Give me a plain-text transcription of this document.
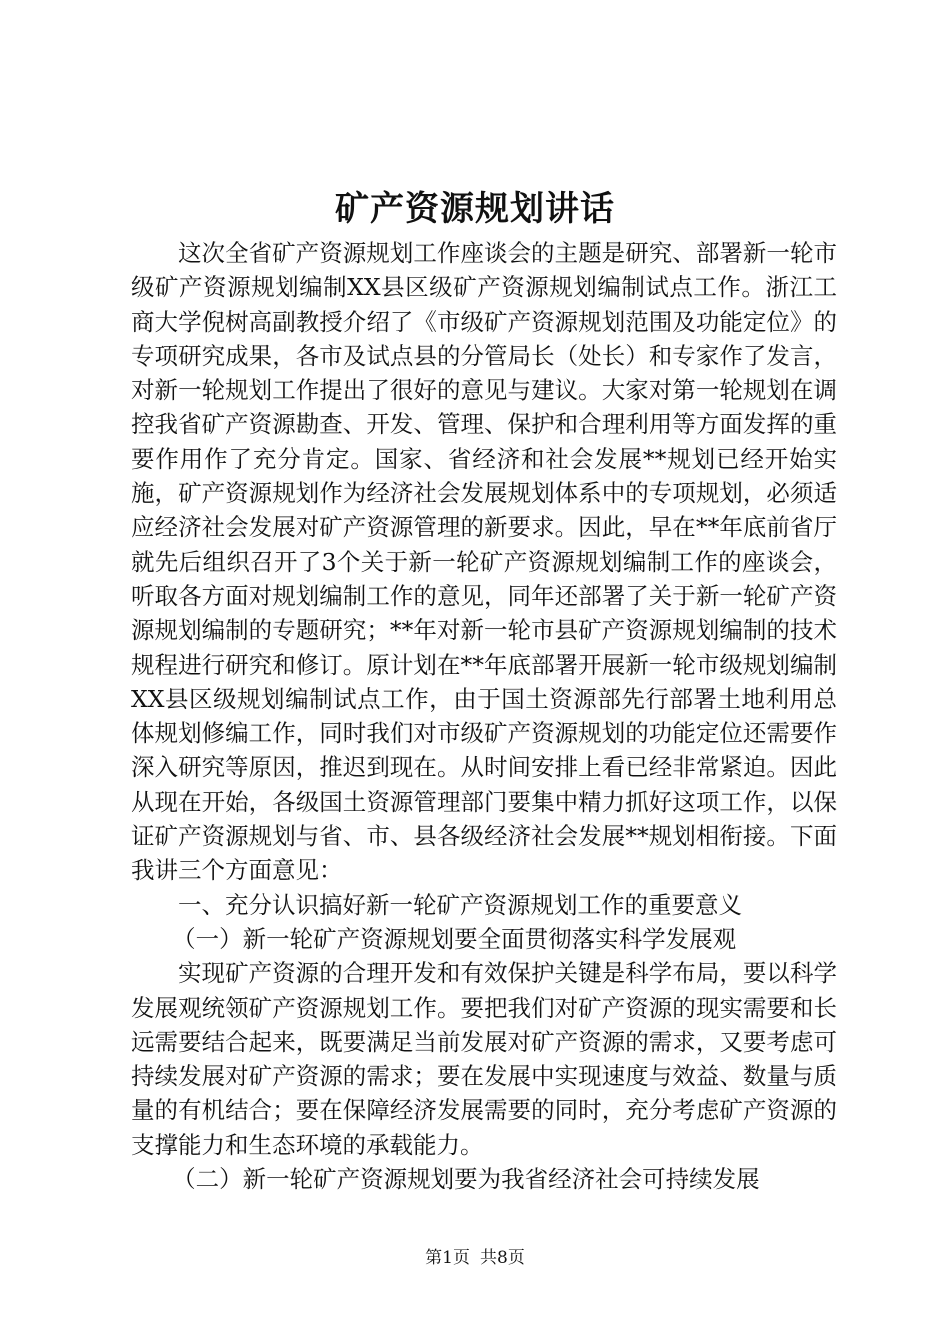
矿产资源规划讲话

这次全省矿产资源规划工作座谈会的主题是研究、部署新一轮市级矿产资源规划编制XX县区级矿产资源规划编制试点工作。浙江工商大学倪树高副教授介绍了《市级矿产资源规划范围及功能定位》的专项研究成果，各市及试点县的分管局长（处长）和专家作了发言，对新一轮规划工作提出了很好的意见与建议。大家对第一轮规划在调控我省矿产资源勘查、开发、管理、保护和合理利用等方面发挥的重要作用作了充分肯定。国家、省经济和社会发展**规划已经开始实施，矿产资源规划作为经济社会发展规划体系中的专项规划，必须适应经济社会发展对矿产资源管理的新要求。因此，早在**年底前省厅就先后组织召开了3个关于新一轮矿产资源规划编制工作的座谈会，听取各方面对规划编制工作的意见，同年还部署了关于新一轮矿产资源规划编制的专题研究；**年对新一轮市县矿产资源规划编制的技术规程进行研究和修订。原计划在**年底部署开展新一轮市级规划编制XX县区级规划编制试点工作，由于国土资源部先行部署土地利用总体规划修编工作，同时我们对市级矿产资源规划的功能定位还需要作深入研究等原因，推迟到现在。从时间安排上看已经非常紧迫。因此从现在开始，各级国土资源管理部门要集中精力抓好这项工作，以保证矿产资源规划与省、市、县各级经济社会发展**规划相衔接。下面我讲三个方面意见：

一、充分认识搞好新一轮矿产资源规划工作的重要意义

（一）新一轮矿产资源规划要全面贯彻落实科学发展观

实现矿产资源的合理开发和有效保护关键是科学布局，要以科学发展观统领矿产资源规划工作。要把我们对矿产资源的现实需要和长远需要结合起来，既要满足当前发展对矿产资源的需求，又要考虑可持续发展对矿产资源的需求；要在发展中实现速度与效益、数量与质量的有机结合；要在保障经济发展需要的同时，充分考虑矿产资源的支撑能力和生态环境的承载能力。

（二）新一轮矿产资源规划要为我省经济社会可持续发展

第1页 共8页
